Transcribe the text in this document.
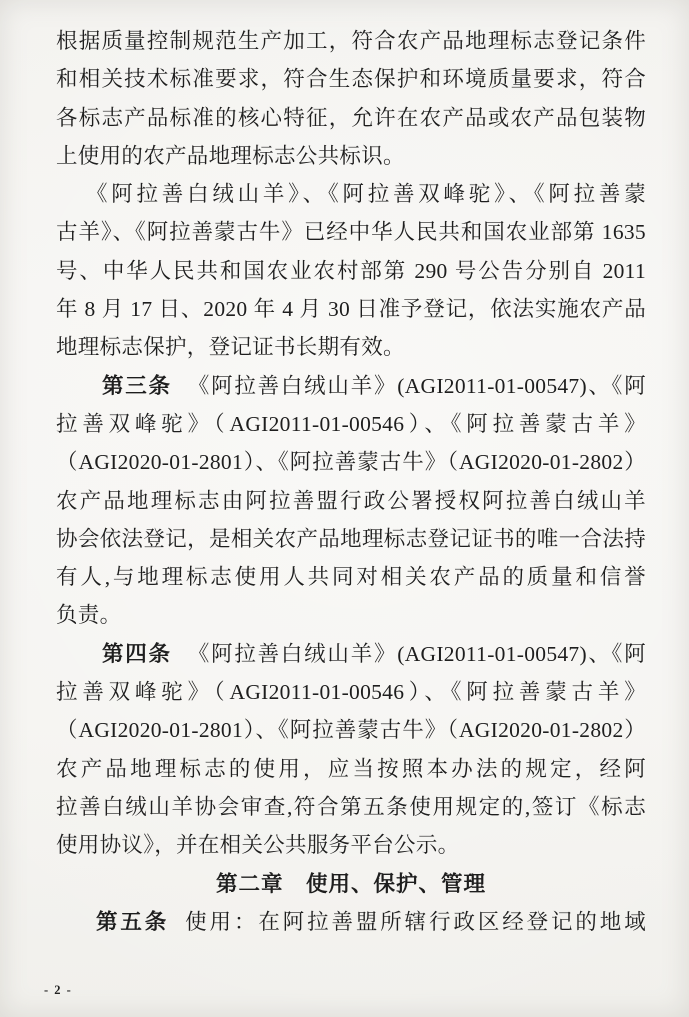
根据质量控制规范生产加工，符合农产品地理标志登记条件
和相关技术标准要求，符合生态保护和环境质量要求，符合
各标志产品标准的核心特征，允许在农产品或农产品包装物
上使用的农产品地理标志公共标识。
《阿拉善白绒山羊》、《阿拉善双峰驼》、《阿拉善蒙
古羊》、《阿拉善蒙古牛》已经中华人民共和国农业部第 1635
号、中华人民共和国农业农村部第 290 号公告分别自 2011
年 8 月 17 日、2020 年 4 月 30 日准予登记，依法实施农产品
地理标志保护，登记证书长期有效。
第三条 《阿拉善白绒山羊》(AGI2011-01-00547)、《阿
拉善双峰驼》（AGI2011-01-00546）、《阿拉善蒙古羊》
（AGI2020-01-2801）、《阿拉善蒙古牛》（AGI2020-01-2802）
农产品地理标志由阿拉善盟行政公署授权阿拉善白绒山羊
协会依法登记，是相关农产品地理标志登记证书的唯一合法持
有人,与地理标志使用人共同对相关农产品的质量和信誉
负责。
第四条 《阿拉善白绒山羊》(AGI2011-01-00547)、《阿
拉善双峰驼》（AGI2011-01-00546）、《阿拉善蒙古羊》
（AGI2020-01-2801）、《阿拉善蒙古牛》（AGI2020-01-2802）
农产品地理标志的使用，应当按照本办法的规定，经阿
拉善白绒山羊协会审查,符合第五条使用规定的,签订《标志
使用协议》，并在相关公共服务平台公示。
第二章　使用、保护、管理
第五条 使用：在阿拉善盟所辖行政区经登记的地域
- 2 -
